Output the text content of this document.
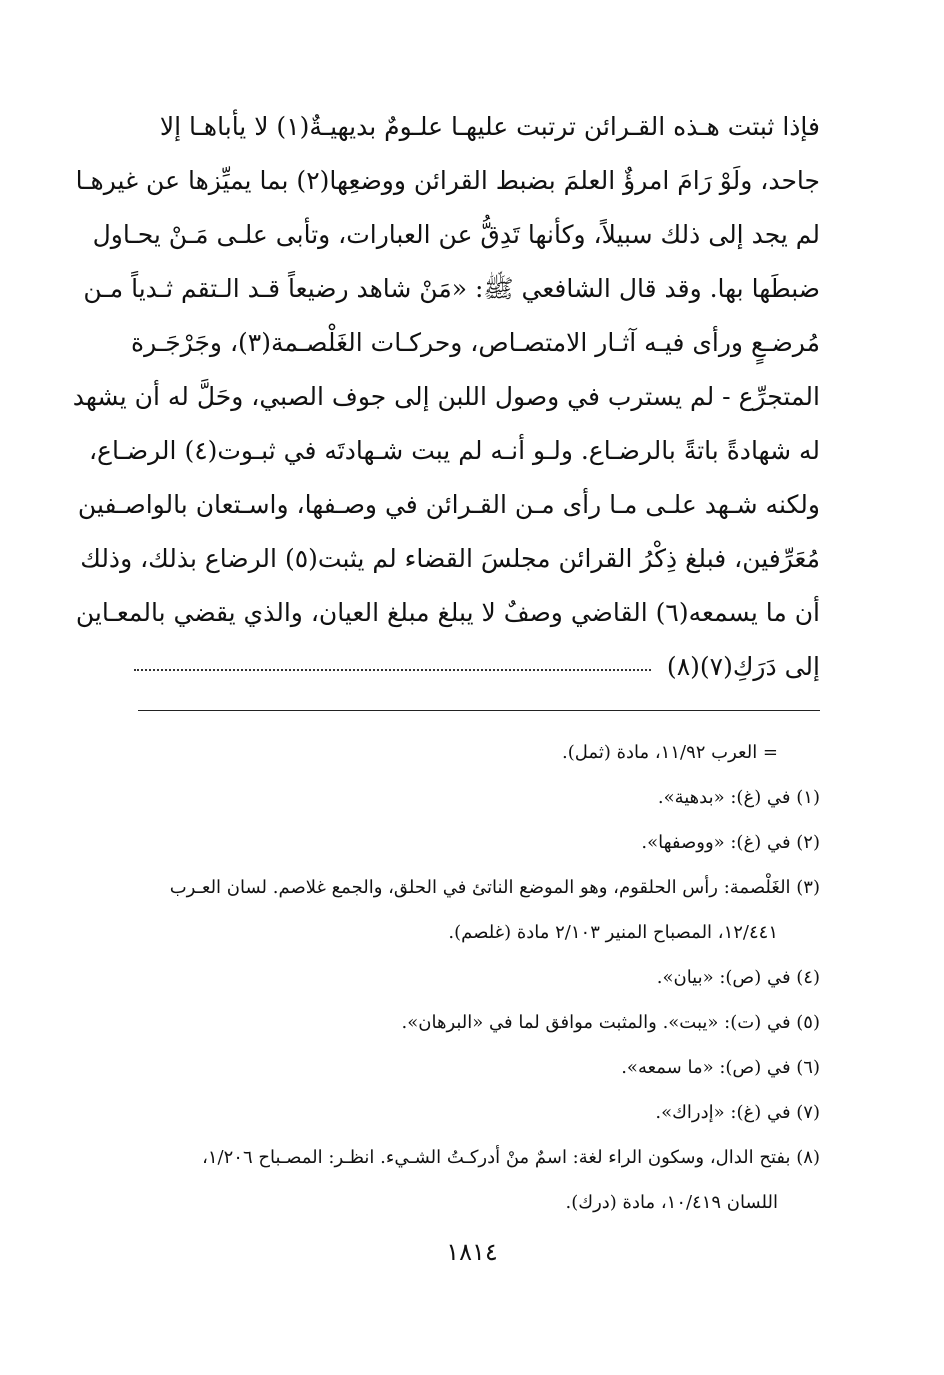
فإذا ثبتت هـذه القـرائن ترتبت عليهـا علـومٌ بديهيـةٌ(١) لا يأباهـا إلا
جاحد، ولَوْ رَامَ امرؤٌ العلمَ بضبط القرائن ووضعِها(٢) بما يميِّزها عن غيرهـا
لم يجد إلى ذلك سبيلاً، وكأنها تَدِقُّ عن العبارات، وتأبى علـى مَـنْ يحـاول
ضبطَها بها. وقد قال الشافعي ﷺ: «مَنْ شاهد رضيعاً قـد الـتقم ثـدياً مـن
مُرضـعٍ ورأى فيـه آثـار الامتصـاص، وحركـات الغَلْصـمة(٣)، وجَرْجَـرة
المتجرِّع - لم يسترب في وصول اللبن إلى جوف الصبي، وحَلَّ له أن يشهد
له شهادةً باتةً بالرضـاع. ولـو أنـه لم يبت شـهادتَه في ثبـوت(٤) الرضـاع،
ولكنه شـهد علـى مـا رأى مـن القـرائن في وصـفها، واسـتعان بالواصـفين
مُعَرِّفين، فبلغ ذِكْرُ القرائن مجلسَ القضاء لم يثبت(٥) الرضاع بذلك، وذلك
أن ما يسمعه(٦) القاضي وصفٌ لا يبلغ مبلغ العيان، والذي يقضي بالمعـاين
إلى دَرَكِ(٧)(٨)
= العرب ١١/٩٢، مادة (ثمل).
(١) في (غ): «بدهية».
(٢) في (غ): «ووصفها».
(٣) الغَلْصمة: رأس الحلقوم، وهو الموضع الناتئ في الحلق، والجمع غلاصم. لسان العـرب
١٢/٤٤١، المصباح المنير ٢/١٠٣ مادة (غلصم).
(٤) في (ص): «بيان».
(٥) في (ت): «يبت». والمثبت موافق لما في «البرهان».
(٦) في (ص): «ما سمعه».
(٧) في (غ): «إدراك».
(٨) بفتح الدال، وسكون الراء لغة: اسمٌ منْ أدركـتُ الشـيء. انظـر: المصـباح ١/٢٠٦،
اللسان ١٠/٤١٩، مادة (درك).
١٨١٤
